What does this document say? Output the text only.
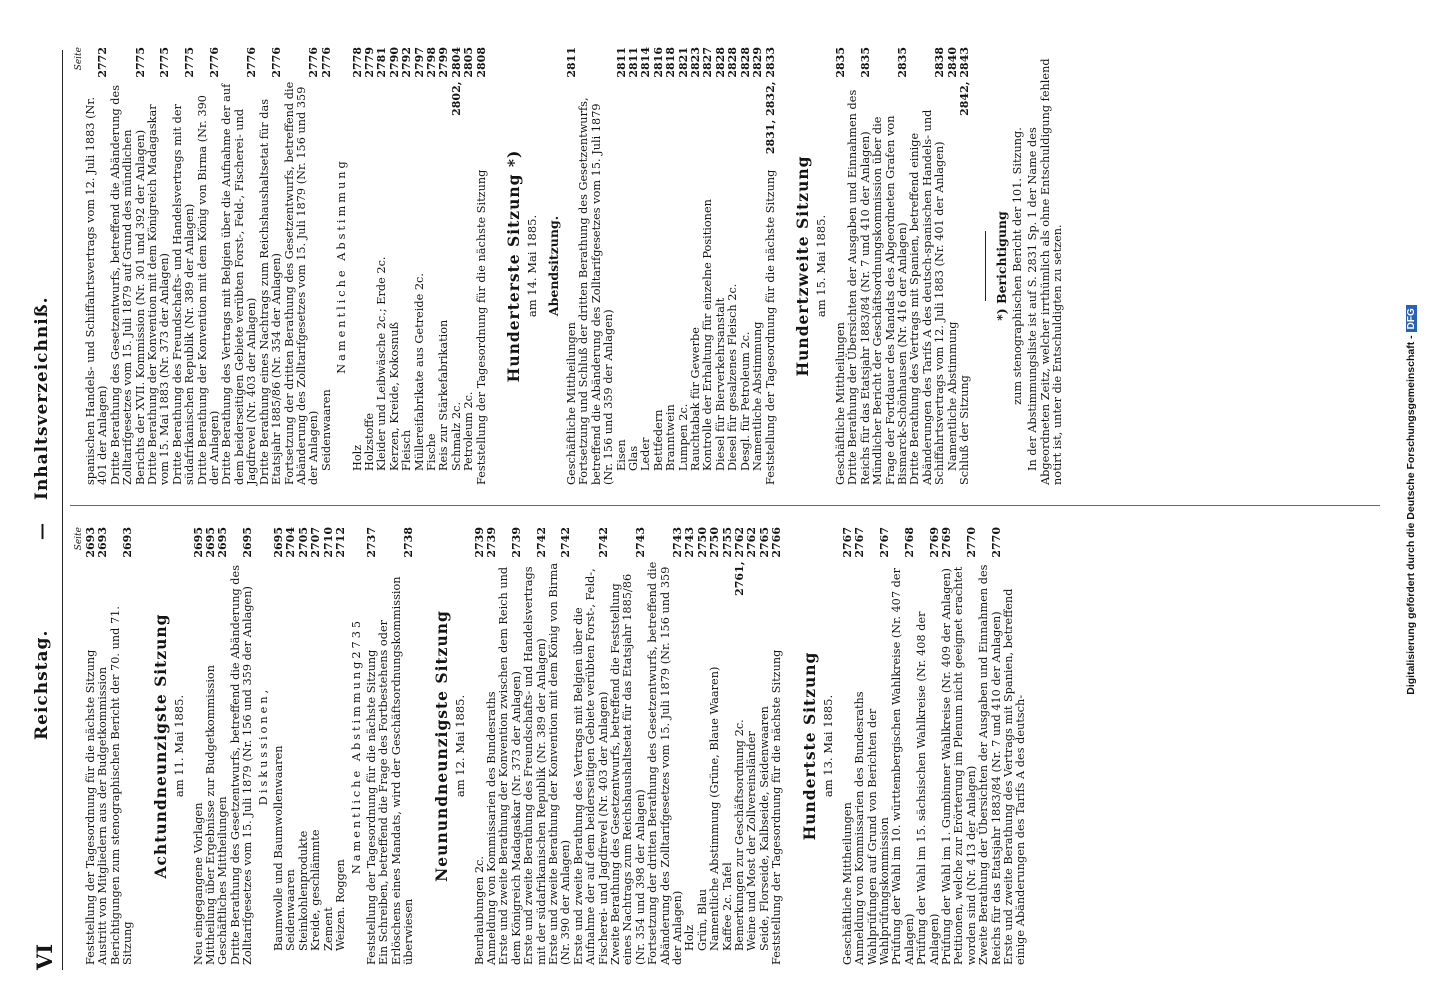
VI
Reichstag.
—
Inhaltsverzeichniß.
Seite
Feststellung der Tagesordnung für die nächste Sitzung
2693
Austritt von Mitgliedern aus der Budgetkommission
2693
Berichtigungen zum stenographischen Bericht der 70. und 71. Sitzung
2693
Achtundneunzigste Sitzung am 11. Mai 1885.
Neu eingegangene Vorlagen
2695
Mittheilung über Ergebnisse zur Budgetkommission
2695
Geschäftliches Mittheilungen
2695
Dritte Berathung des Gesetzentwurfs, betreffend die Abänderung des Zolltarifgesetzes vom 15. Juli 1879 (Nr. 156 und 359 der Anlagen)
2695
Diskussionen, Baumwolle und Baumwollenwaaren
2695
Seidenwaaren
2704
Steinkohlenprodukte
2705
Kreide, geschlämmte
2707
Zement
2710
Weizen. Roggen
2712
Namentliche Abstimmung2735
Feststellung der Tagesordnung für die nächste Sitzung
2737
Ein Schreiben, betreffend die Frage des Fortbestehens oder Erlöschens eines Mandats, wird der Geschäftsordnungskommission überwiesen
2738
Neunundneunzigste Sitzung am 12. Mai 1885.
Beurlaubungen 2c.
2739
Anmeldung von Kommissarien des Bundesraths
2739
Erste und zweite Berathung der Konvention zwischen dem Reich und dem Königreich Madagaskar (Nr. 373 der Anlagen)
2739
Erste und zweite Berathung des Freundschafts- und Handelsvertrags mit der südafrikanischen Republik (Nr. 389 der Anlagen)
2742
Erste und zweite Berathung der Konvention mit dem König von Birma (Nr. 390 der Anlagen)
2742
Erste und zweite Berathung des Vertrags mit Belgien über die Aufnahme der auf dem beiderseitigen Gebiete verübten Forst-, Feld-, Fischerei- und Jagdfrevel (Nr. 403 der Anlagen)
2742
Zweite Berathung des Gesetzentwurfs, betreffend die Feststellung eines Nachtrags zum Reichshaushaltsetat für das Etatsjahr 1885/86 (Nr. 354 und 398 der Anlagen)
2743
Fortsetzung der dritten Berathung des Gesetzentwurfs, betreffend die Abänderung des Zolltarifgesetzes vom 15. Juli 1879 (Nr. 156 und 359 der Anlagen)
2743
Holz
2743
Grün, Blau
2750
Namentliche Abstimmung (Grüne, Blaue Waaren)
2750
Kaffee 2c. Tafel
2755
Bemerkungen zur Geschäftsordnung 2c.
2761, 2762
Weine und Most der Zollvereinsländer
2762
Seide, Florseide, Kalbseide, Seidenwaaren
2765
Feststellung der Tagesordnung für die nächste Sitzung
2766
Hundertste Sitzung am 13. Mai 1885.
Geschäftliche Mittheilungen
2767
Anmeldung von Kommissarien des Bundesraths
2767
Wahlprüfungen auf Grund von Berichten der Wahlprüfungskommission
2767
Prüfung der Wahl im 10. württembergischen Wahlkreise (Nr. 407 der Anlagen)
2768
Prüfung der Wahl im 15. sächsischen Wahlkreise (Nr. 408 der Anlagen)
2769
Prüfung der Wahl im 1. Gumbinner Wahlkreise (Nr. 409 der Anlagen)
2769
Petitionen, welche zur Erörterung im Plenum nicht geeignet erachtet worden sind (Nr. 413 der Anlagen)
2770
Zweite Berathung der Übersichten der Ausgaben und Einnahmen des Reichs für das Etatsjahr 1883/84 (Nr. 7 und 410 der Anlagen)
2770
Erste und zweite Berathung des Vertrags mit Spanien, betreffend einige Abänderungen des Tarifs A des deutsch-
Seite
spanischen Handels- und Schiffahrtsvertrags vom 12. Juli 1883 (Nr. 401 der Anlagen)
2772
Dritte Berathung des Gesetzentwurfs, betreffend die Abänderung des Zolltarifgesetzes vom 15. Juli 1879 auf Grund des mündlichen Berichts der XVII. Kommission (Nr. 301 und 392 der Anlagen)
2775
Dritte Berathung der Konvention mit dem Königreich Madagaskar vom 15. Mai 1883 (Nr. 373 der Anlagen)
2775
Dritte Berathung des Freundschafts- und Handelsvertrags mit der südafrikanischen Republik (Nr. 389 der Anlagen)
2775
Dritte Berathung der Konvention mit dem König von Birma (Nr. 390 der Anlagen)
2776
Dritte Berathung des Vertrags mit Belgien über die Aufnahme der auf dem beiderseitigen Gebiete verübten Forst-, Feld-, Fischerei- und Jagdfrevel (Nr. 403 der Anlagen)
2776
Dritte Berathung eines Nachtrags zum Reichshaushaltsetat für das Etatsjahr 1885/86 (Nr. 354 der Anlagen)
2776
Fortsetzung der dritten Berathung des Gesetzentwurfs, betreffend die Abänderung des Zolltarifgesetzes vom 15. Juli 1879 (Nr. 156 und 359 der Anlagen)
2776
Seidenwaaren
2776
Namentliche Abstimmung
Holz
2778
Holzstoffe
2779
Kleider und Leibwäsche 2c.; Erde 2c.
2781
Kerzen, Kreide, Kokosnuß
2790
Fleisch
2792
Müllereifabrikate aus Getreide 2c.
2797
Fische
2798
Reis zur Stärkefabrikation
2799
Schmalz 2c.
2802, 2804
Petroleum 2c.
2805
Feststellung der Tagesordnung für die nächste Sitzung
2808
Hunderterste Sitzung *) am 14. Mai 1885. Abendsitzung.
Geschäftliche Mittheilungen
2811
Fortsetzung und Schluß der dritten Berathung des Gesetzentwurfs, betreffend die Abänderung des Zolltarifgesetzes vom 15. Juli 1879 (Nr. 156 und 359 der Anlagen) Eisen
2811
Glas
2811
Leder
2814
Bettfedern
2816
Branntwein
2818
Lumpen 2c.
2821
Rauchtabak für Gewerbe
2823
Kontrolle der Erhaltung für einzelne Positionen
2827
Diesel für Bierverkehrsanstalt
2828
Diesel für gesalzenes Fleisch 2c.
2828
Desgl. für Petroleum 2c.
2828
Namentliche Abstimmung
2829
Feststellung der Tagesordnung für die nächste Sitzung
2831, 2832, 2833
Hundertzweite Sitzung am 15. Mai 1885.
Geschäftliche Mittheilungen
2835
Dritte Berathung der Übersichten der Ausgaben und Einnahmen des Reichs für das Etatsjahr 1883/84 (Nr. 7 und 410 der Anlagen)
2835
Mündlicher Bericht der Geschäftsordnungskommission über die Frage der Fortdauer des Mandats des Abgeordneten Grafen von Bismarck-Schönhausen (Nr. 416 der Anlagen)
2835
Dritte Berathung des Vertrags mit Spanien, betreffend einige Abänderungen des Tarifs A des deutsch-spanischen Handels- und Schiffahrtsvertrags vom 12. Juli 1883 (Nr. 401 der Anlagen)
2838
Namentliche Abstimmung
2840
Schluß der Sitzung
2842, 2843
*) Berichtigung zum stenographischen Bericht der 101. Sitzung. In der Abstimmungsliste ist auf S. 2831 Sp. 1 der Name des Abgeordneten Zeitz, welcher irrthümlich als ohne Entschuldigung fehlend notirt ist, unter die Entschuldigten zu setzen.	Digitalisierung gefördert durch die Deutsche Forschungsgemeinschaft -DFG
